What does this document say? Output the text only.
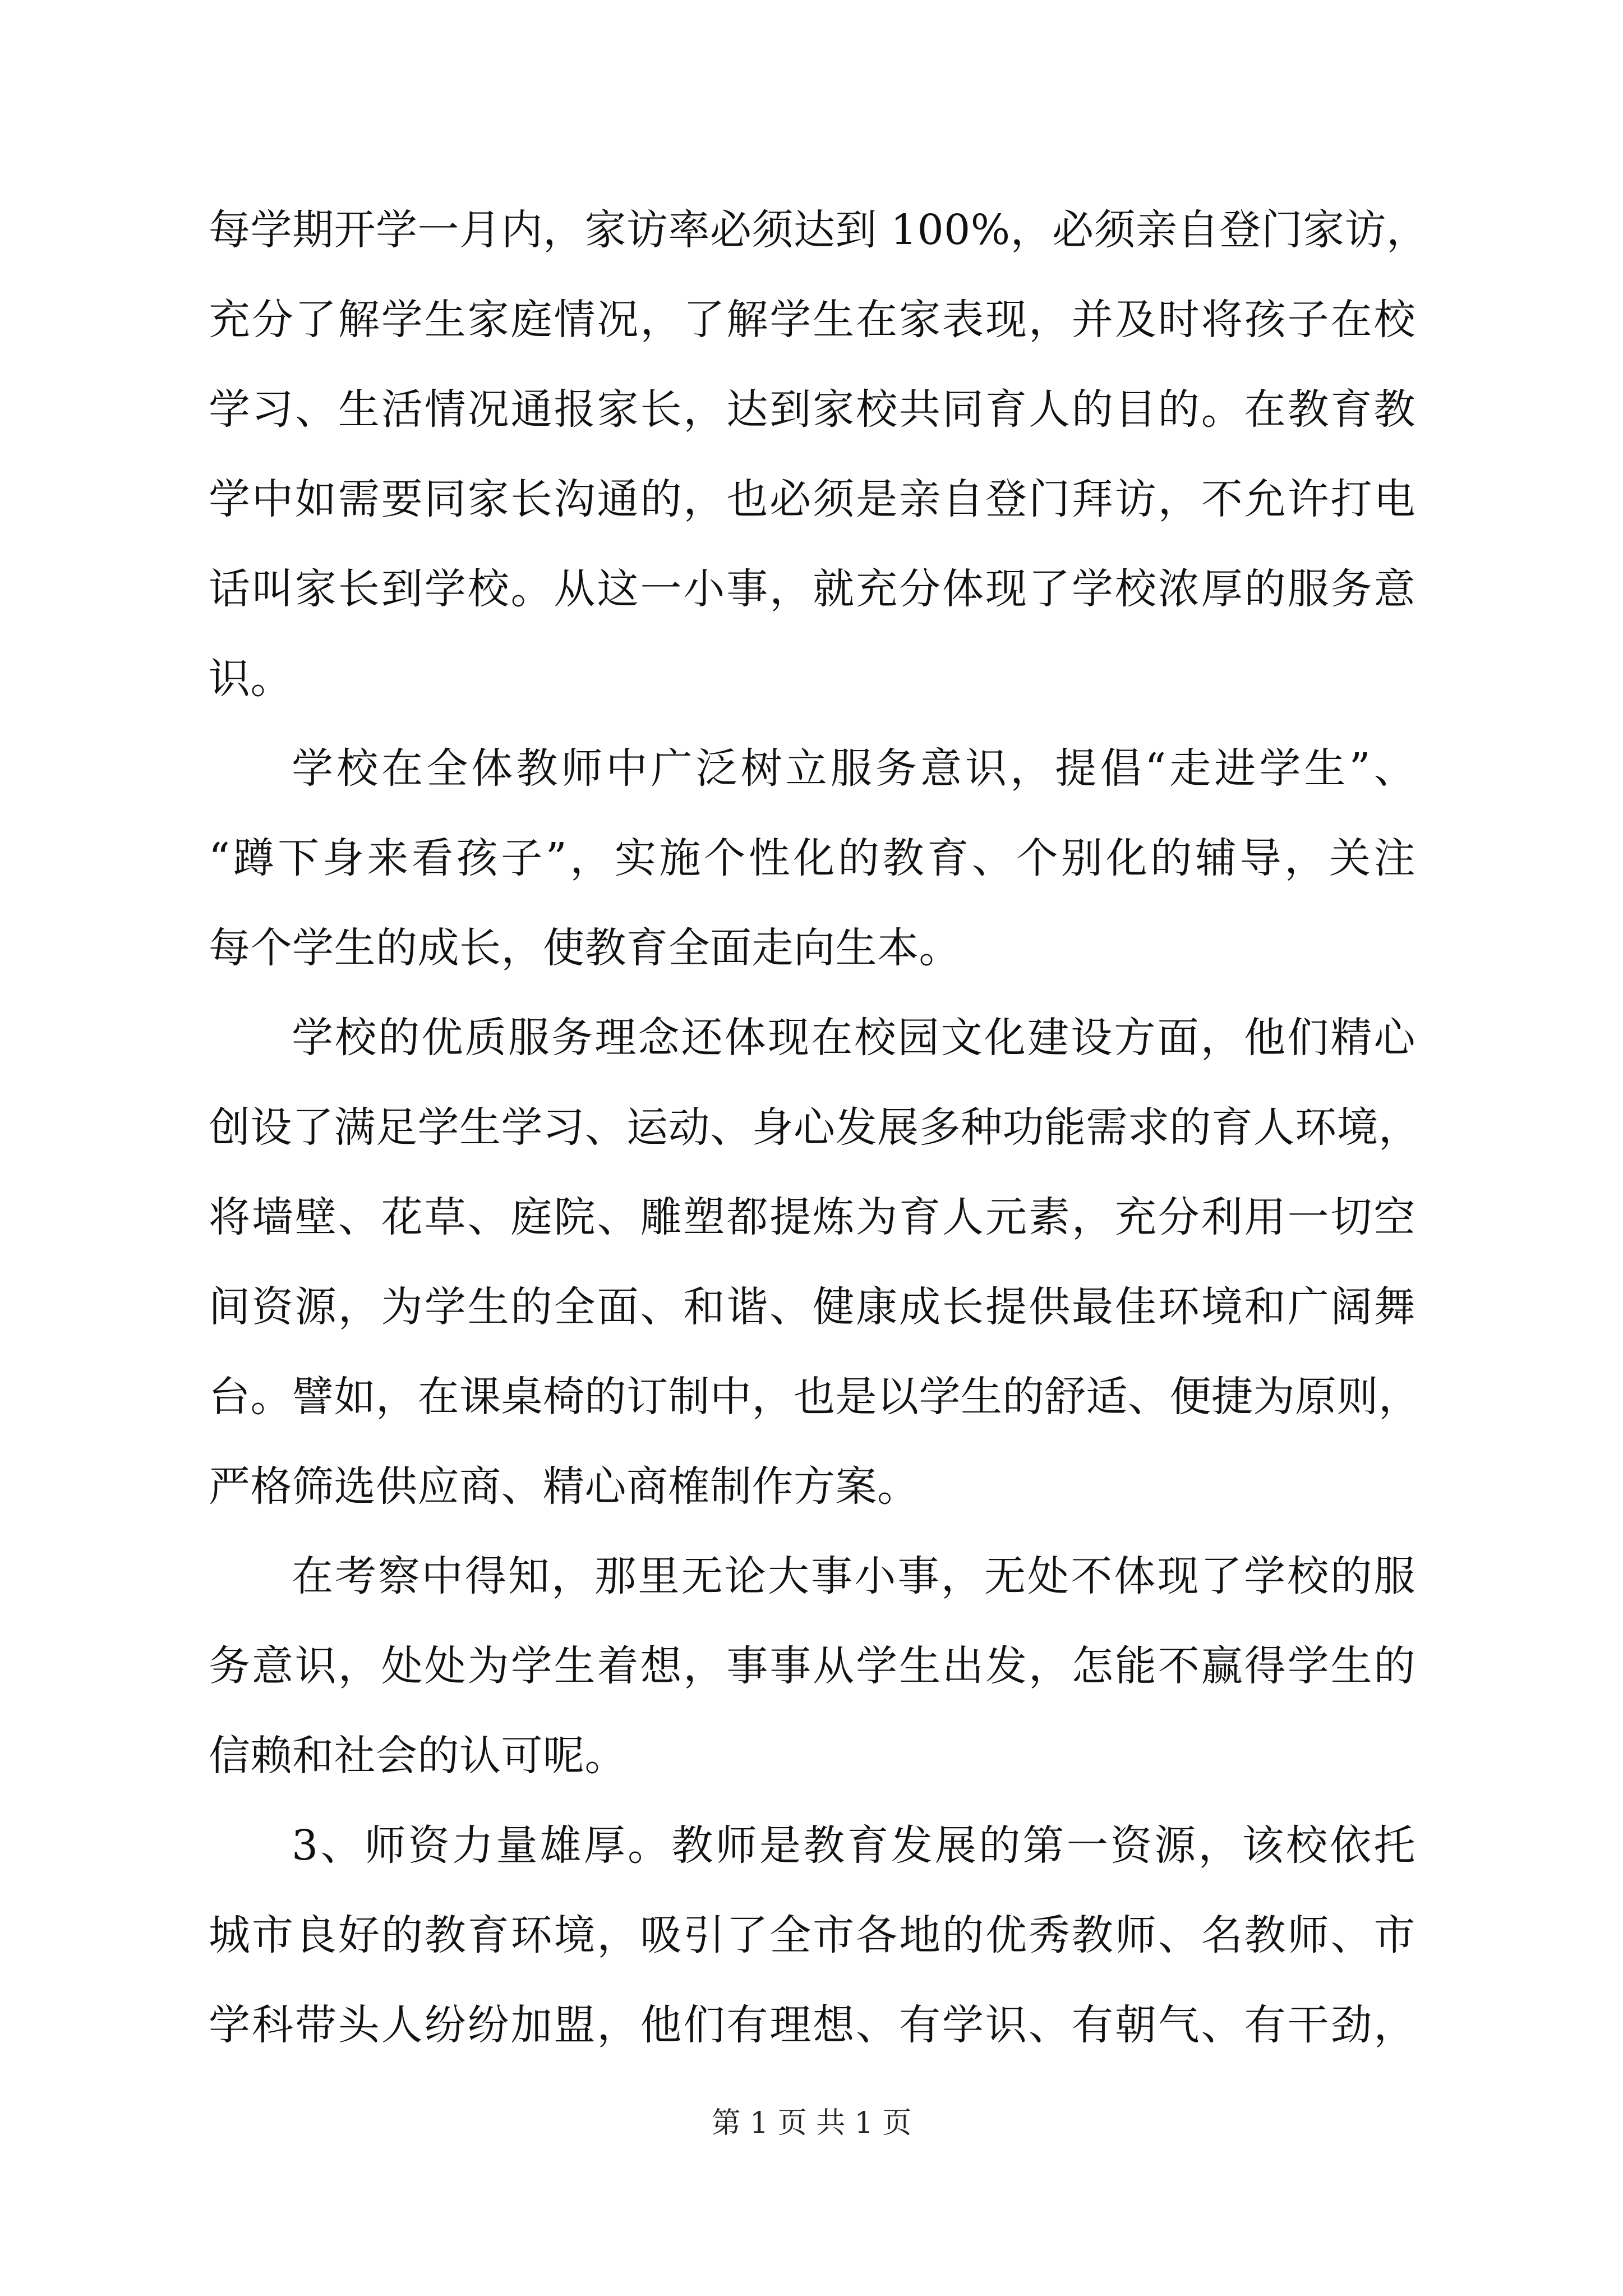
每学期开学一月内，家访率必须达到 100%，必须亲自登门家访，
充分了解学生家庭情况，了解学生在家表现，并及时将孩子在校
学习、生活情况通报家长，达到家校共同育人的目的。在教育教
学中如需要同家长沟通的，也必须是亲自登门拜访，不允许打电
话叫家长到学校。从这一小事，就充分体现了学校浓厚的服务意
识。
学校在全体教师中广泛树立服务意识，提倡“走进学生”、
“蹲下身来看孩子”，实施个性化的教育、个别化的辅导，关注
每个学生的成长，使教育全面走向生本。
学校的优质服务理念还体现在校园文化建设方面，他们精心
创设了满足学生学习、运动、身心发展多种功能需求的育人环境，
将墙壁、花草、庭院、雕塑都提炼为育人元素，充分利用一切空
间资源，为学生的全面、和谐、健康成长提供最佳环境和广阔舞
台。譬如，在课桌椅的订制中，也是以学生的舒适、便捷为原则，
严格筛选供应商、精心商榷制作方案。
在考察中得知，那里无论大事小事，无处不体现了学校的服
务意识，处处为学生着想，事事从学生出发，怎能不赢得学生的
信赖和社会的认可呢。
3、师资力量雄厚。教师是教育发展的第一资源，该校依托
城市良好的教育环境，吸引了全市各地的优秀教师、名教师、市
学科带头人纷纷加盟，他们有理想、有学识、有朝气、有干劲，
第 1 页 共 1 页
